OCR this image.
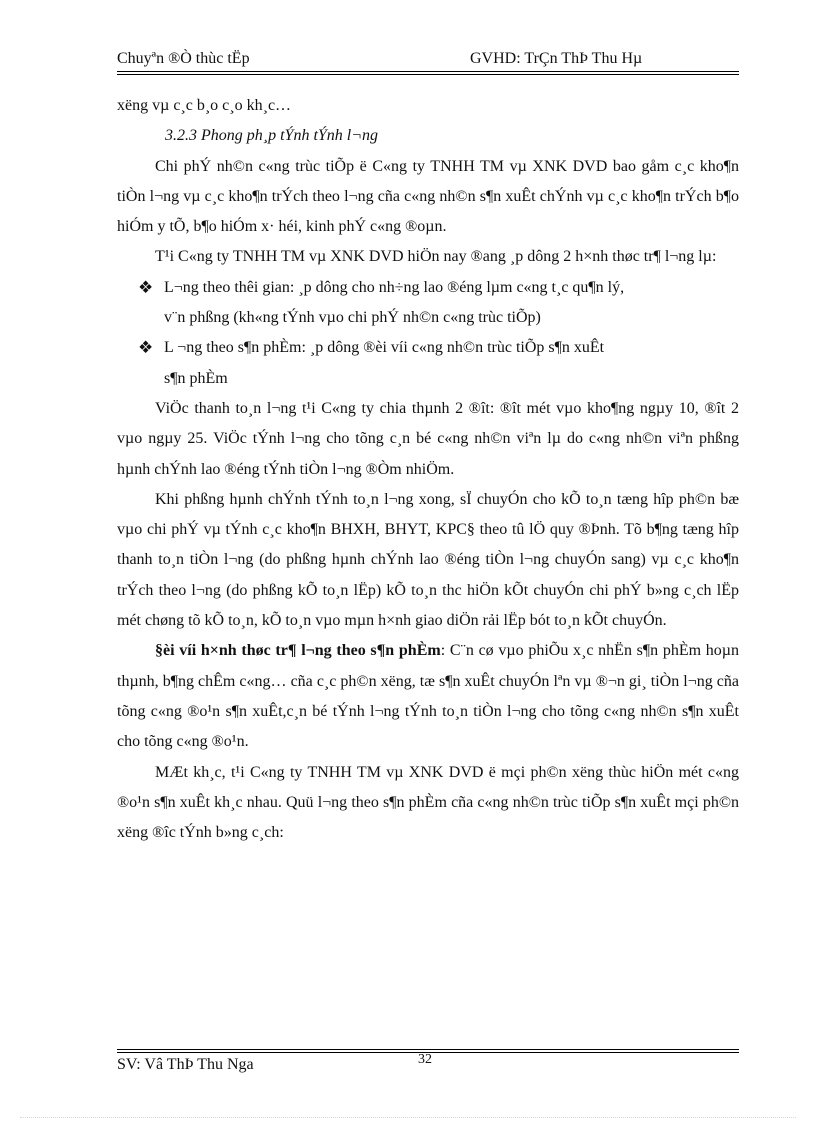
Chuyªn ®Ò thùc tËp	GVHD: TrÇn ThÞ Thu Hµ

xëng vµ c¸c b¸o c¸o kh¸c…

3.2.3 Phong ph¸p tÝnh tÝnh l¬ng

Chi phÝ nh©n c«ng trùc tiÕp ë C«ng ty TNHH TM vµ XNK DVD bao gåm c¸c kho¶n tiÒn l¬ng vµ c¸c kho¶n trÝch theo l¬ng cña c«ng nh©n s¶n xuÊt chÝnh vµ c¸c kho¶n trÝch b¶o hiÓm y tÕ, b¶o hiÓm x· héi, kinh phÝ c«ng ®oµn.

T¹i C«ng ty TNHH TM vµ XNK DVD hiÖn nay ®ang ¸p dông 2 h×nh thøc tr¶ l¬ng lµ:

❖ L¬ng theo thêi gian: ¸p dông cho nh÷ng lao ®éng lµm c«ng t¸c qu¶n lý,
v¨n phßng (kh«ng tÝnh vµo chi phÝ nh©n c«ng trùc tiÕp)

❖ L ¬ng theo s¶n phÈm: ¸p dông ®èi víi c«ng nh©n trùc tiÕp s¶n xuÊt
s¶n phÈm

ViÖc thanh to¸n l¬ng t¹i C«ng ty chia thµnh 2 ®ît: ®ît mét vµo kho¶ng ngµy 10, ®ît 2 vµo ngµy 25. ViÖc tÝnh l¬ng cho tõng c¸n bé c«ng nh©n viªn lµ do c«ng nh©n viªn phßng hµnh chÝnh lao ®éng tÝnh tiÒn l¬ng ®Òm nhiÖm.

Khi phßng hµnh chÝnh tÝnh to¸n l¬ng xong, sÏ chuyÓn cho kÕ to¸n tæng hîp ph©n bæ vµo chi phÝ vµ tÝnh c¸c kho¶n BHXH, BHYT, KPC§ theo tû lÖ quy ®Þnh. Tõ b¶ng tæng hîp thanh to¸n tiÒn l¬ng (do phßng hµnh chÝnh lao ®éng tiÒn l¬ng chuyÓn sang) vµ c¸c kho¶n trÝch theo l¬ng (do phßng kÕ to¸n lËp) kÕ to¸n thc hiÖn kÕt chuyÓn chi phÝ b»ng c¸ch lËp mét chøng tõ kÕ to¸n, kÕ to¸n vµo mµn h×nh giao diÖn rải lËp bót to¸n kÕt chuyÓn.

§èi víi h×nh thøc tr¶ l¬ng theo s¶n phÈm: C¨n cø vµo phiÕu x¸c nhËn s¶n phÈm hoµn thµnh, b¶ng chÊm c«ng… cña c¸c ph©n xëng, tæ s¶n xuÊt chuyÓn lªn vµ ®¬n gi¸ tiÒn l¬ng cña tõng c«ng ®o¹n s¶n xuÊt,c¸n bé tÝnh l¬ng tÝnh to¸n tiÒn l¬ng cho tõng c«ng nh©n s¶n xuÊt cho tõng c«ng ®o¹n.

MÆt kh¸c, t¹i C«ng ty TNHH TM vµ XNK DVD ë mçi ph©n xëng thùc hiÖn mét c«ng ®o¹n s¶n xuÊt kh¸c nhau. Quü l¬ng theo s¶n phÈm cña c«ng nh©n trùc tiÕp s¶n xuÊt mçi ph©n xëng ®îc tÝnh b»ng c¸ch:

SV: Vâ ThÞ Thu Nga	32
